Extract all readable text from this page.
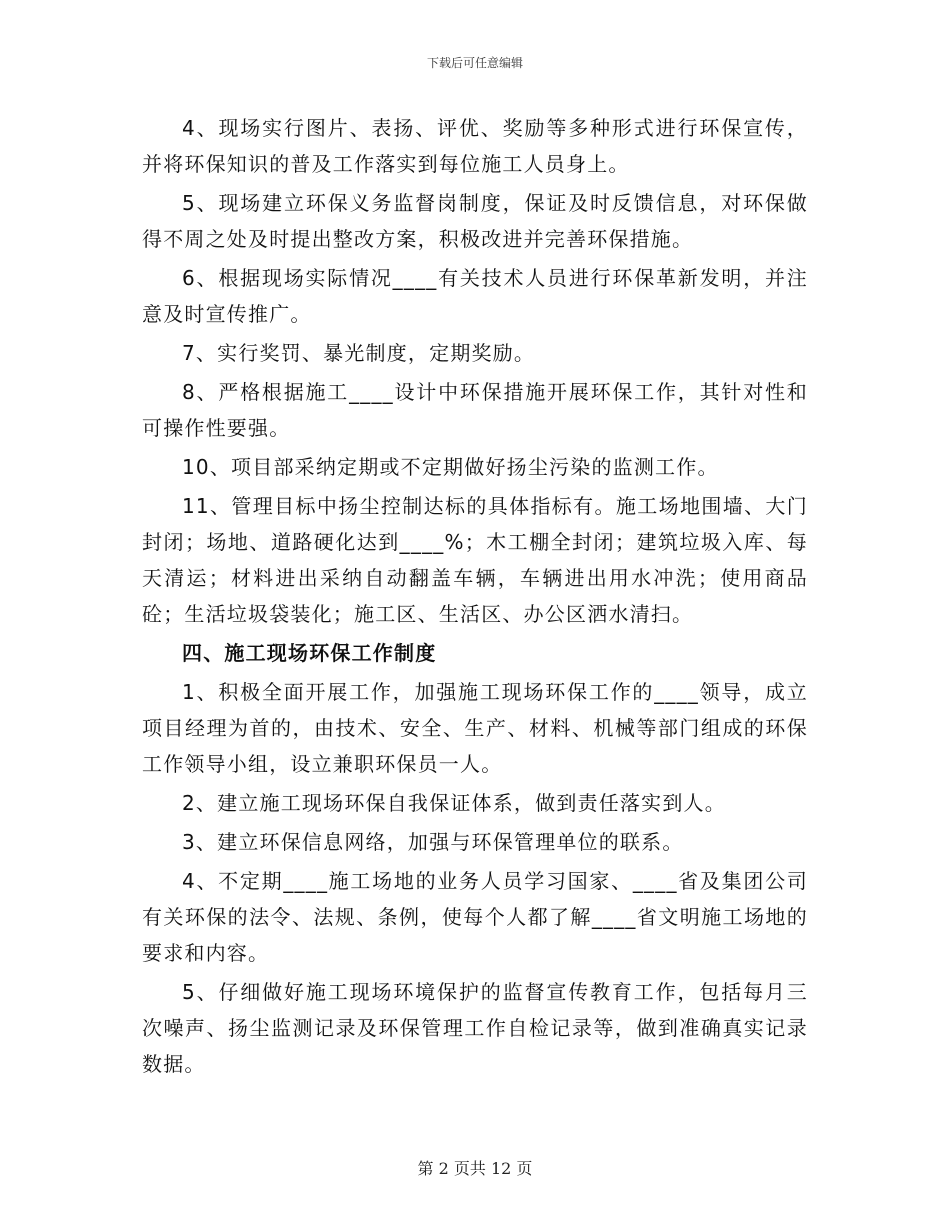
下载后可任意编辑

4、现场实行图片、表扬、评优、奖励等多种形式进行环保宣传，并将环保知识的普及工作落实到每位施工人员身上。

5、现场建立环保义务监督岗制度，保证及时反馈信息，对环保做得不周之处及时提出整改方案，积极改进并完善环保措施。

6、根据现场实际情况____有关技术人员进行环保革新发明，并注意及时宣传推广。

7、实行奖罚、暴光制度，定期奖励。

8、严格根据施工____设计中环保措施开展环保工作，其针对性和可操作性要强。

10、项目部采纳定期或不定期做好扬尘污染的监测工作。

11、管理目标中扬尘控制达标的具体指标有。施工场地围墙、大门封闭；场地、道路硬化达到____%；木工棚全封闭；建筑垃圾入库、每天清运；材料进出采纳自动翻盖车辆，车辆进出用水冲洗；使用商品砼；生活垃圾袋装化；施工区、生活区、办公区洒水清扫。

四、施工现场环保工作制度

1、积极全面开展工作，加强施工现场环保工作的____领导，成立项目经理为首的，由技术、安全、生产、材料、机械等部门组成的环保工作领导小组，设立兼职环保员一人。

2、建立施工现场环保自我保证体系，做到责任落实到人。

3、建立环保信息网络，加强与环保管理单位的联系。

4、不定期____施工场地的业务人员学习国家、____省及集团公司有关环保的法令、法规、条例，使每个人都了解____省文明施工场地的要求和内容。

5、仔细做好施工现场环境保护的监督宣传教育工作，包括每月三次噪声、扬尘监测记录及环保管理工作自检记录等，做到准确真实记录数据。

第 2 页共 12 页
